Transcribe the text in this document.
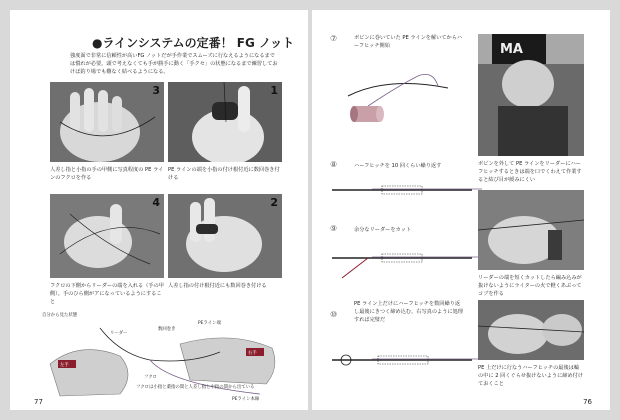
●ラインシステムの定番！ FG ノット
強度面で非常に信頼性が高いFG ノットだが手作業でスムーズに行なえるようになるまでは慣れが必要。頭で考えなくても手が勝手に動く「手クセ」の状態になるまで練習しておけば釣り場でも難なく結べるようになる。
3
人差し指と小指の手の甲側に写真程度の PE ラインのフクロを作る
1
PE ラインの端を小指の付け根付近に数回巻き付ける
4
フクロの下側からリーダーの端を入れる（手の甲側）。手のひら側がアになっているようにすること
2
人差し指の付け根付近にも数回巻き付ける
自分から見た状態
左手
右手
リーダー
数回巻き
PEライン端
フクロ
フクロは小指と薬指の間と人差し指と中指の間から出ている
PEライン本線
77
⑦	ボビンに巻いていた PE ラインを解いてからハーフヒッチ開始
⑧	ハーフヒッチを 10 回くらい繰り返す
⑨	余分なリーダーをカット
⑩
PE ライン上だけにハーフヒッチを数回繰り返し最後にきつく締め込む。右写真のように処理すれば完璧だ
MA
ボビンを外して PE ラインをリーダーにハーフヒッチするときは端を口でくわえて作業すると結び目が緩みにくい
リーダーの端を短くカットしたら編み込みが抜けないようにライターの火で軽くあぶってコブを作る
PE 上だけに行なうハーフヒッチの最後は輪の中に 2 回くぐらせ抜けないように締め付けておくこと
76
